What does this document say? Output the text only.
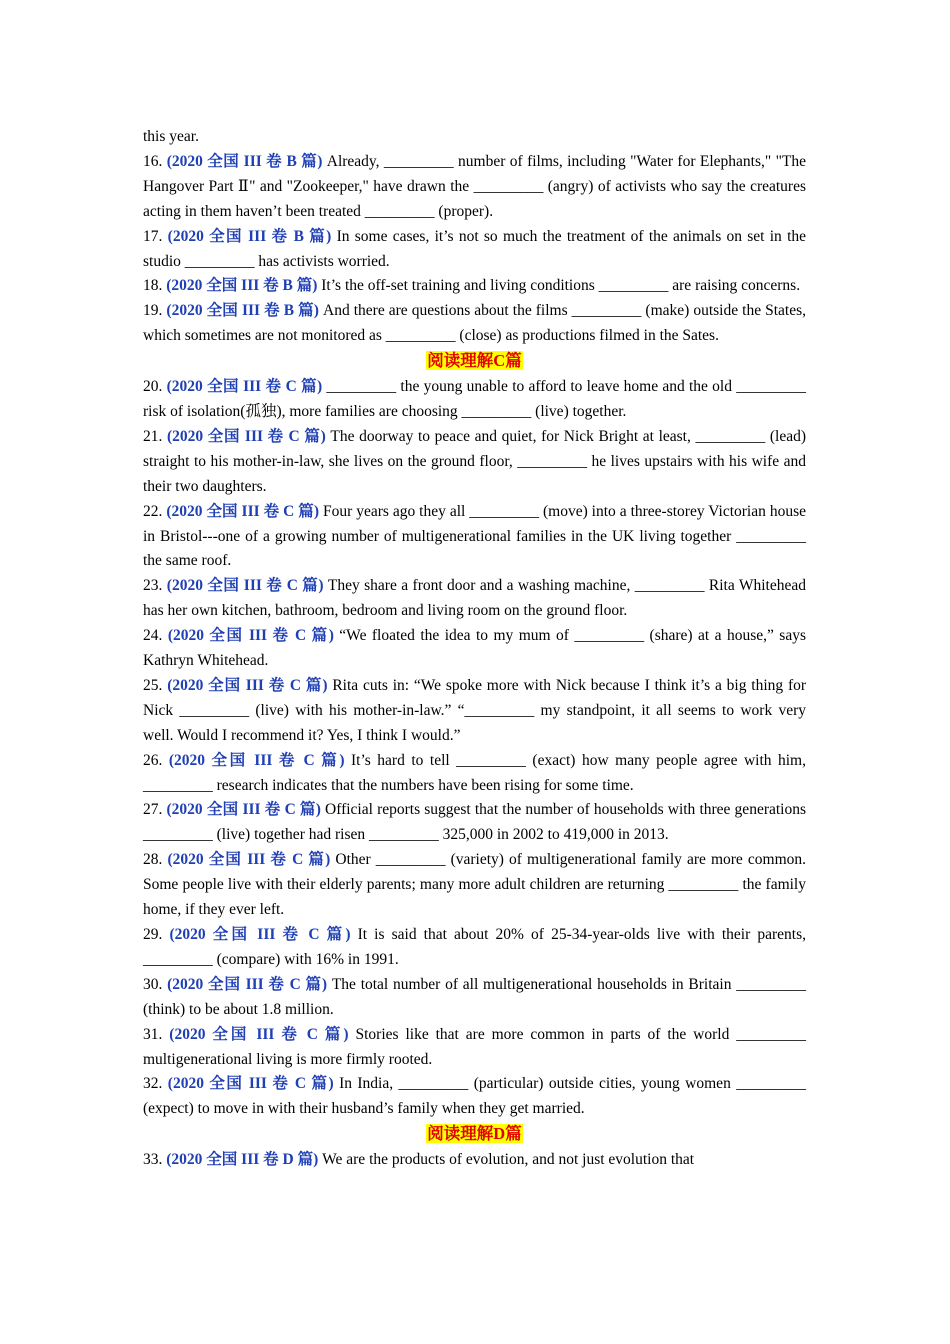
this year.

16. (2020 全国 III 卷 B 篇) Already, _________ number of films, including "Water for Elephants," "The Hangover Part Ⅱ" and "Zookeeper," have drawn the _________ (angry) of activists who say the creatures acting in them haven’t been treated _________ (proper).

17. (2020 全国 III 卷 B 篇) In some cases, it’s not so much the treatment of the animals on set in the studio _________ has activists worried.

18. (2020 全国 III 卷 B 篇) It’s the off-set training and living conditions _________ are raising concerns.

19. (2020 全国 III 卷 B 篇) And there are questions about the films _________ (make) outside the States, which sometimes are not monitored as _________ (close) as productions filmed in the Sates.

阅读理解C篇

20. (2020 全国 III 卷 C 篇) _________ the young unable to afford to leave home and the old _________ risk of isolation(孤独), more families are choosing _________ (live) together.

21. (2020 全国 III 卷 C 篇) The doorway to peace and quiet, for Nick Bright at least, _________ (lead) straight to his mother-in-law, she lives on the ground floor, _________ he lives upstairs with his wife and their two daughters.

22. (2020 全国 III 卷 C 篇) Four years ago they all _________ (move) into a three-storey Victorian house in Bristol---one of a growing number of multigenerational families in the UK living together _________ the same roof.

23. (2020 全国 III 卷 C 篇) They share a front door and a washing machine, _________ Rita Whitehead has her own kitchen, bathroom, bedroom and living room on the ground floor.

24. (2020 全国 III 卷 C 篇) “We floated the idea to my mum of _________ (share) at a house,” says Kathryn Whitehead.

25. (2020 全国 III 卷 C 篇) Rita cuts in: “We spoke more with Nick because I think it’s a big thing for Nick _________ (live) with his mother-in-law.” “_________ my standpoint, it all seems to work very well. Would I recommend it? Yes, I think I would.”

26. (2020 全国 III 卷 C 篇) It’s hard to tell _________ (exact) how many people agree with him, _________ research indicates that the numbers have been rising for some time.

27. (2020 全国 III 卷 C 篇) Official reports suggest that the number of households with three generations _________ (live) together had risen _________ 325,000 in 2002 to 419,000 in 2013.

28. (2020 全国 III 卷 C 篇) Other _________ (variety) of multigenerational family are more common. Some people live with their elderly parents; many more adult children are returning _________ the family home, if they ever left.

29. (2020 全国 III 卷 C 篇) It is said that about 20% of 25-34-year-olds live with their parents, _________ (compare) with 16% in 1991.

30. (2020 全国 III 卷 C 篇) The total number of all multigenerational households in Britain _________ (think) to be about 1.8 million.

31. (2020 全国 III 卷 C 篇) Stories like that are more common in parts of the world _________ multigenerational living is more firmly rooted.

32. (2020 全国 III 卷 C 篇) In India, _________ (particular) outside cities, young women _________ (expect) to move in with their husband’s family when they get married.

阅读理解D篇

33. (2020 全国 III 卷 D 篇) We are the products of evolution, and not just evolution that
